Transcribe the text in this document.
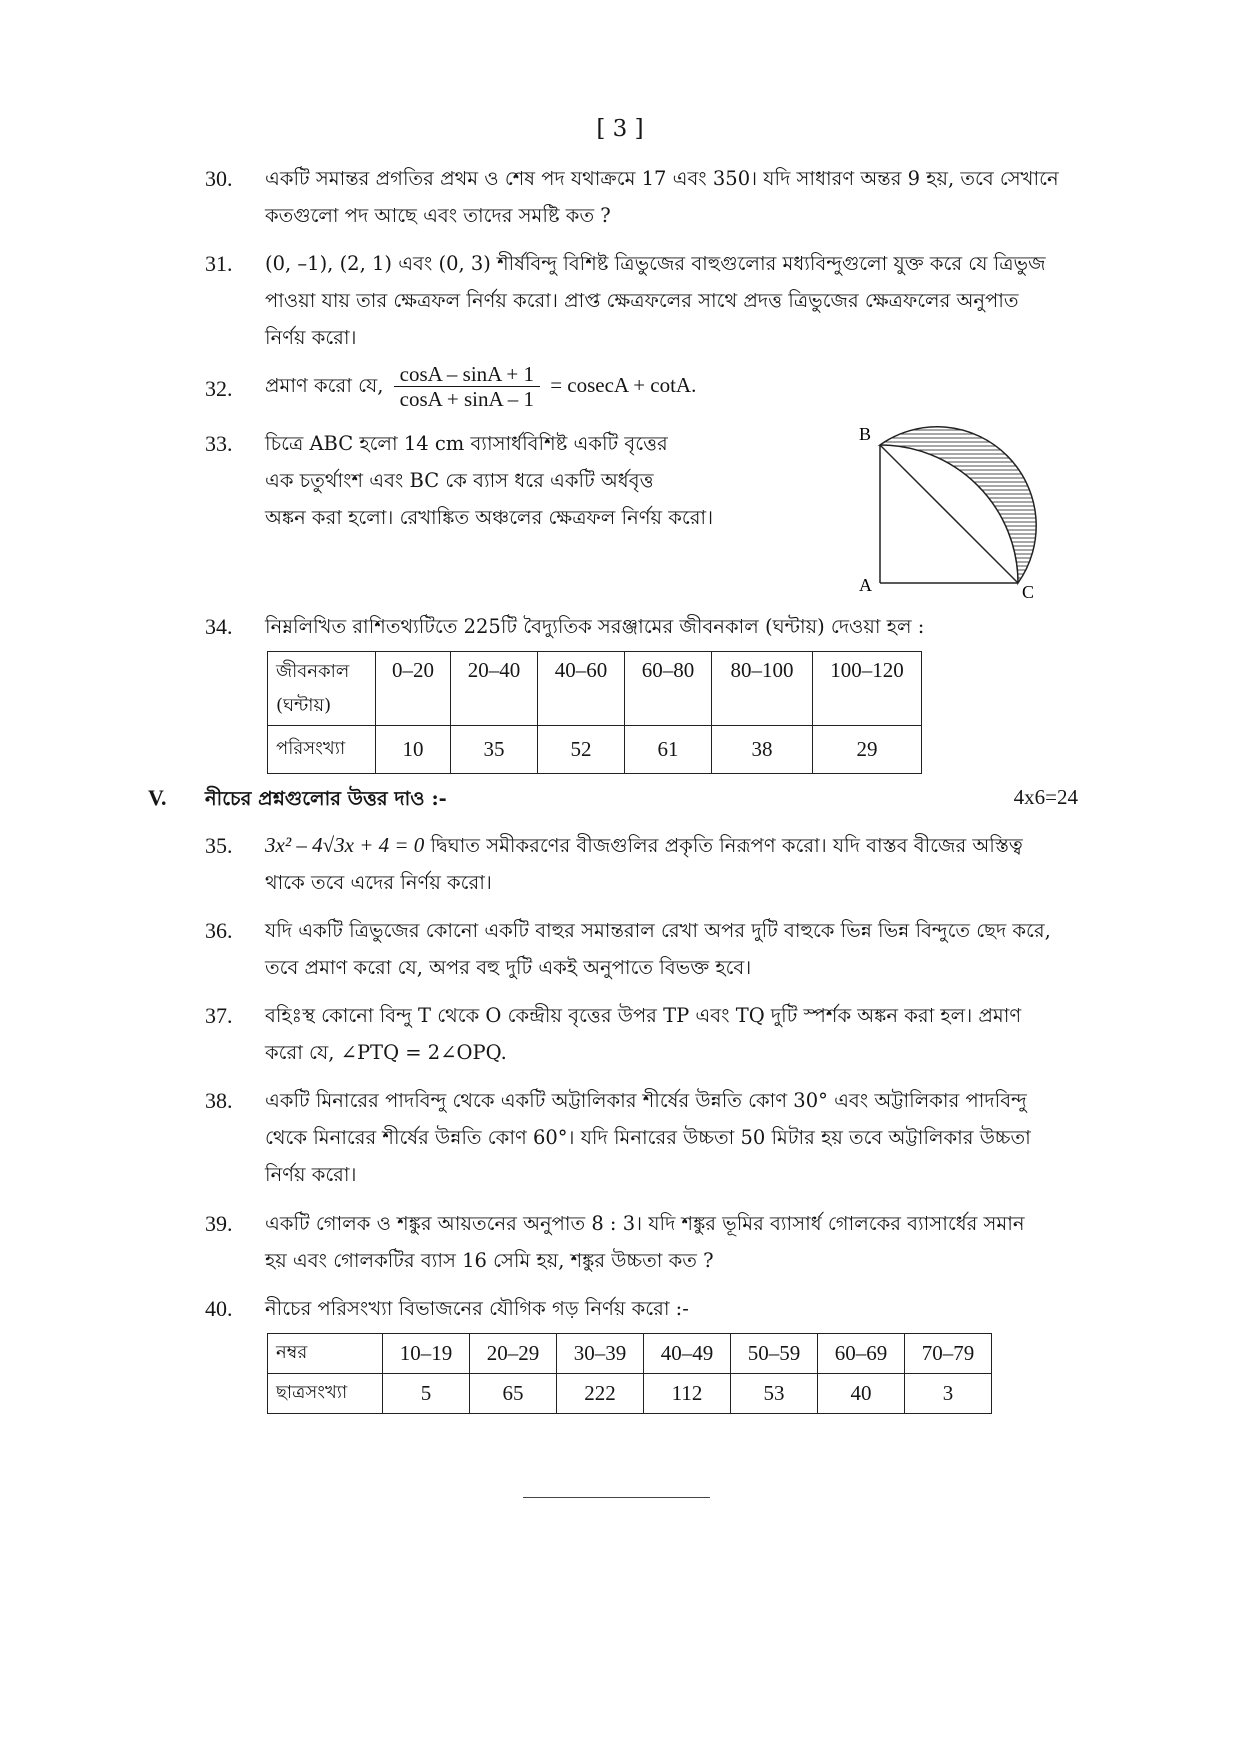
[ 3 ]
30.	একটি সমান্তর প্রগতির প্রথম ও শেষ পদ যথাক্রমে 17 এবং 350। যদি সাধারণ অন্তর 9 হয়, তবে সেখানে
কতগুলো পদ আছে এবং তাদের সমষ্টি কত ?
31.	(0, –1), (2, 1) এবং (0, 3) শীর্ষবিন্দু বিশিষ্ট ত্রিভুজের বাহুগুলোর মধ্যবিন্দুগুলো যুক্ত করে যে ত্রিভুজ
পাওয়া যায় তার ক্ষেত্রফল নির্ণয় করো। প্রাপ্ত ক্ষেত্রফলের সাথে প্রদত্ত ত্রিভুজের ক্ষেত্রফলের অনুপাত
নির্ণয় করো।
32.	প্রমাণ করো যে, $\frac{\cos A - \sin A + 1}{\cos A + \sin A - 1} = cosecA + \cot A$.
33.	চিত্রে ABC হলো 14 cm ব্যাসার্ধবিশিষ্ট একটি বৃত্তের
এক চতুর্থাংশ এবং BC কে ব্যাস ধরে একটি অর্ধবৃত্ত
অঙ্কন করা হলো। রেখাঙ্কিত অঞ্চলের ক্ষেত্রফল নির্ণয় করো।
B
A	C
34.	নিম্নলিখিত রাশিতথ্যটিতে 225টি বৈদ্যুতিক সরঞ্জামের জীবনকাল (ঘন্টায়) দেওয়া হল :
জীবনকাল
(ঘন্টায়)	0–20	20–40	40–60	60–80	80–100	100–120
পরিসংখ্যা	10	35	52	61	38	29
V. নীচের প্রশ্নগুলোর উত্তর দাও :-	4x6=24
35.	3x² – 4√3x + 4 = 0 দ্বিঘাত সমীকরণের বীজগুলির প্রকৃতি নিরূপণ করো। যদি বাস্তব বীজের অস্তিত্ব
থাকে তবে এদের নির্ণয় করো।
36.	যদি একটি ত্রিভুজের কোনো একটি বাহুর সমান্তরাল রেখা অপর দুটি বাহুকে ভিন্ন ভিন্ন বিন্দুতে ছেদ করে,
তবে প্রমাণ করো যে, অপর বহু দুটি একই অনুপাতে বিভক্ত হবে।
37.	বহিঃস্থ কোনো বিন্দু T থেকে O কেন্দ্রীয় বৃত্তের উপর TP এবং TQ দুটি স্পর্শক অঙ্কন করা হল। প্রমাণ
করো যে, ∠PTQ = 2∠OPQ.
38.	একটি মিনারের পাদবিন্দু থেকে একটি অট্টালিকার শীর্ষের উন্নতি কোণ 30° এবং অট্টালিকার পাদবিন্দু
থেকে মিনারের শীর্ষের উন্নতি কোণ 60°। যদি মিনারের উচ্চতা 50 মিটার হয় তবে অট্টালিকার উচ্চতা
নির্ণয় করো।
39.	একটি গোলক ও শঙ্কুর আয়তনের অনুপাত 8 : 3। যদি শঙ্কুর ভূমির ব্যাসার্ধ গোলকের ব্যাসার্ধের সমান
হয় এবং গোলকটির ব্যাস 16 সেমি হয়, শঙ্কুর উচ্চতা কত ?
40.	নীচের পরিসংখ্যা বিভাজনের যৌগিক গড় নির্ণয় করো :-
নম্বর	10–19	20–29	30–39	40–49	50–59	60–69	70–79
ছাত্রসংখ্যা	5	65	222	112	53	40	3
